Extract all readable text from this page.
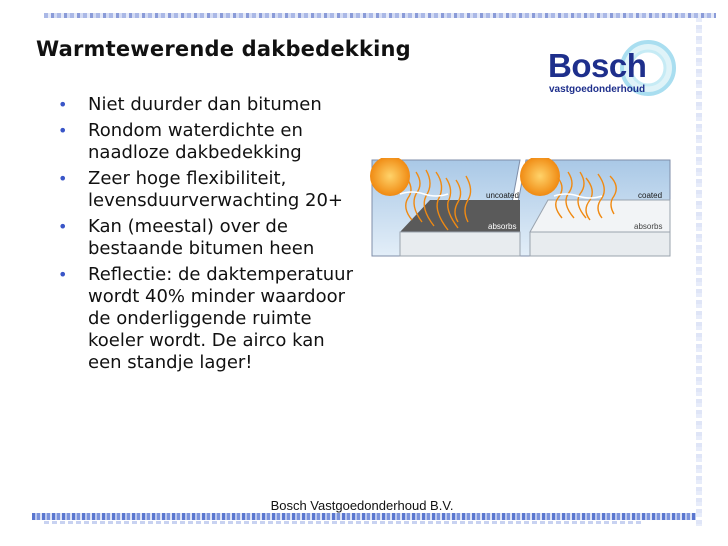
Warmtewerende dakbedekking	Bosch
vastgoedonderhoud
• Niet duurder dan bitumen
• Rondom waterdichte en naadloze dakbedekking
• Zeer hoge flexibiliteit, levensduurverwachting 20+
• Kan (meestal) over de bestaande bitumen heen
• Reflectie: de daktemperatuur wordt 40% minder waardoor de onderliggende ruimte koeler wordt. De airco kan een standje lager!
uncoated
absorbs
coated
absorbs
Bosch Vastgoedonderhoud B.V.
